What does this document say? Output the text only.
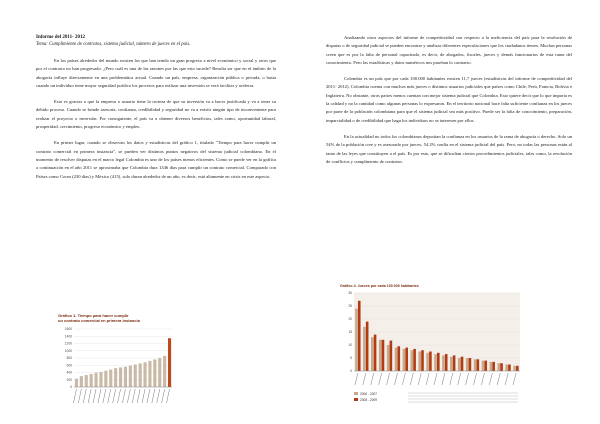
Informe del 2011- 2012

Tema: Cumplimiento de contratos, sistema judicial, número de jueces en el país.

En los países alrededor del mundo existen los que han tenido un gran progreso a nivel económico y social y otros que por el contrario no han progresado. ¿Pero cuál es una de las razones por las que esto sucede? Resulta ser que en el ámbito de la abogacía influye directamente en una problemática actual. Cuando un país, empresa, organización pública o privada, o hasta cuando un individuo tiene mayor seguridad jurídica los procesos para realizar una inversión se verá facilitar y acelerar.

Esto es gracias a que la empresa o usuario tiene la certeza de que su inversión va a hacer justificada y va a tener su debido proceso. Cuando se brinde asesoría, confianza, credibilidad y seguridad no va a existir ningún tipo de inconveniente para realizar el proyecto o inversión. Por consiguiente, el país va a obtener diversos beneficios, tales como, oportunidad laboral, prosperidad, crecimiento, progreso económico y empleo.

En primer lugar, cuando se observan los datos y estadísticas del gráfico 1, titulado "Tiempo para hacer cumplir un contrato comercial en primera instancia", se pueden ver distintos puntos negativos del sistema judicial colombiano. En el momento de resolver disputas en el marco legal Colombia es uno de los países menos eficientes. Como se puede ver en la gráfica a continuación en el año 2011 se aproximaba que Colombia dura 1346 días para cumplir un contrato comercial. Comparado con Países como Corea (230 días) y México (415), solo duran alrededor de un año, es decir, está altamente en crisis en este aspecto.

Analizando otros aspectos del informe de competitividad con respecto a la ineficiencia del país para la resolución de disputas o de seguridad judicial se pueden encontrar y analizar diferentes especulaciones que los ciudadanos tienen. Muchas personas creen que es por la falta de personal capacitado, es decir, de abogados, fiscales, jueces y demás funcionarios de esta rama del conocimiento. Pero las estadísticas y datos numéricos nos prueban lo contrario.

Colombia es un país que por cada 100.000 habitantes existen 11,7 jueces (estadísticas del informe de competitividad del 2011- 2012). Colombia cuenta con muchos más jueces o distintos usuarios judiciales que países como Chile, Perú, Francia, Bolivia e Inglaterra. No obstante, otros países menos cuentan con mejor sistema judicial que Colombia. Esto quiere decir que lo que importa es la calidad y no la cantidad como algunas personas lo expresaron. En el territorio nacional hace falta suficiente confianza en los jueces por parte de la población colombiana para que el sistema judicial sea más positivo. Puede ser la falta de conocimiento, preparación, imparcialidad o de credibilidad que haga los individuos no se interesen por ellos.

En la actualidad no todos los colombianos depositan la confianza en los usuarios de la rama de abogacía o derecho. Solo un 54% de la población cree y es asesorado por jueces, 54.2% confía en el sistema judicial del país. Pero, no todas las personas están al tanto de las leyes que constituyen a el país. Es por esto, que se dificultan ciertos procedimientos judiciales, tales como, la resolución de conflictos y cumplimento de contratos.

Gráfico 1. Tiempo para hacer cumplir
un contrato comercial en primera instancia
1600
1400
1200
1000
800
600
400
200
0
Gráfico 4. Jueces por cada 100.000 habitantes
30
25
20
15
10
5
0
2006 - 2007
2008 - 2009
